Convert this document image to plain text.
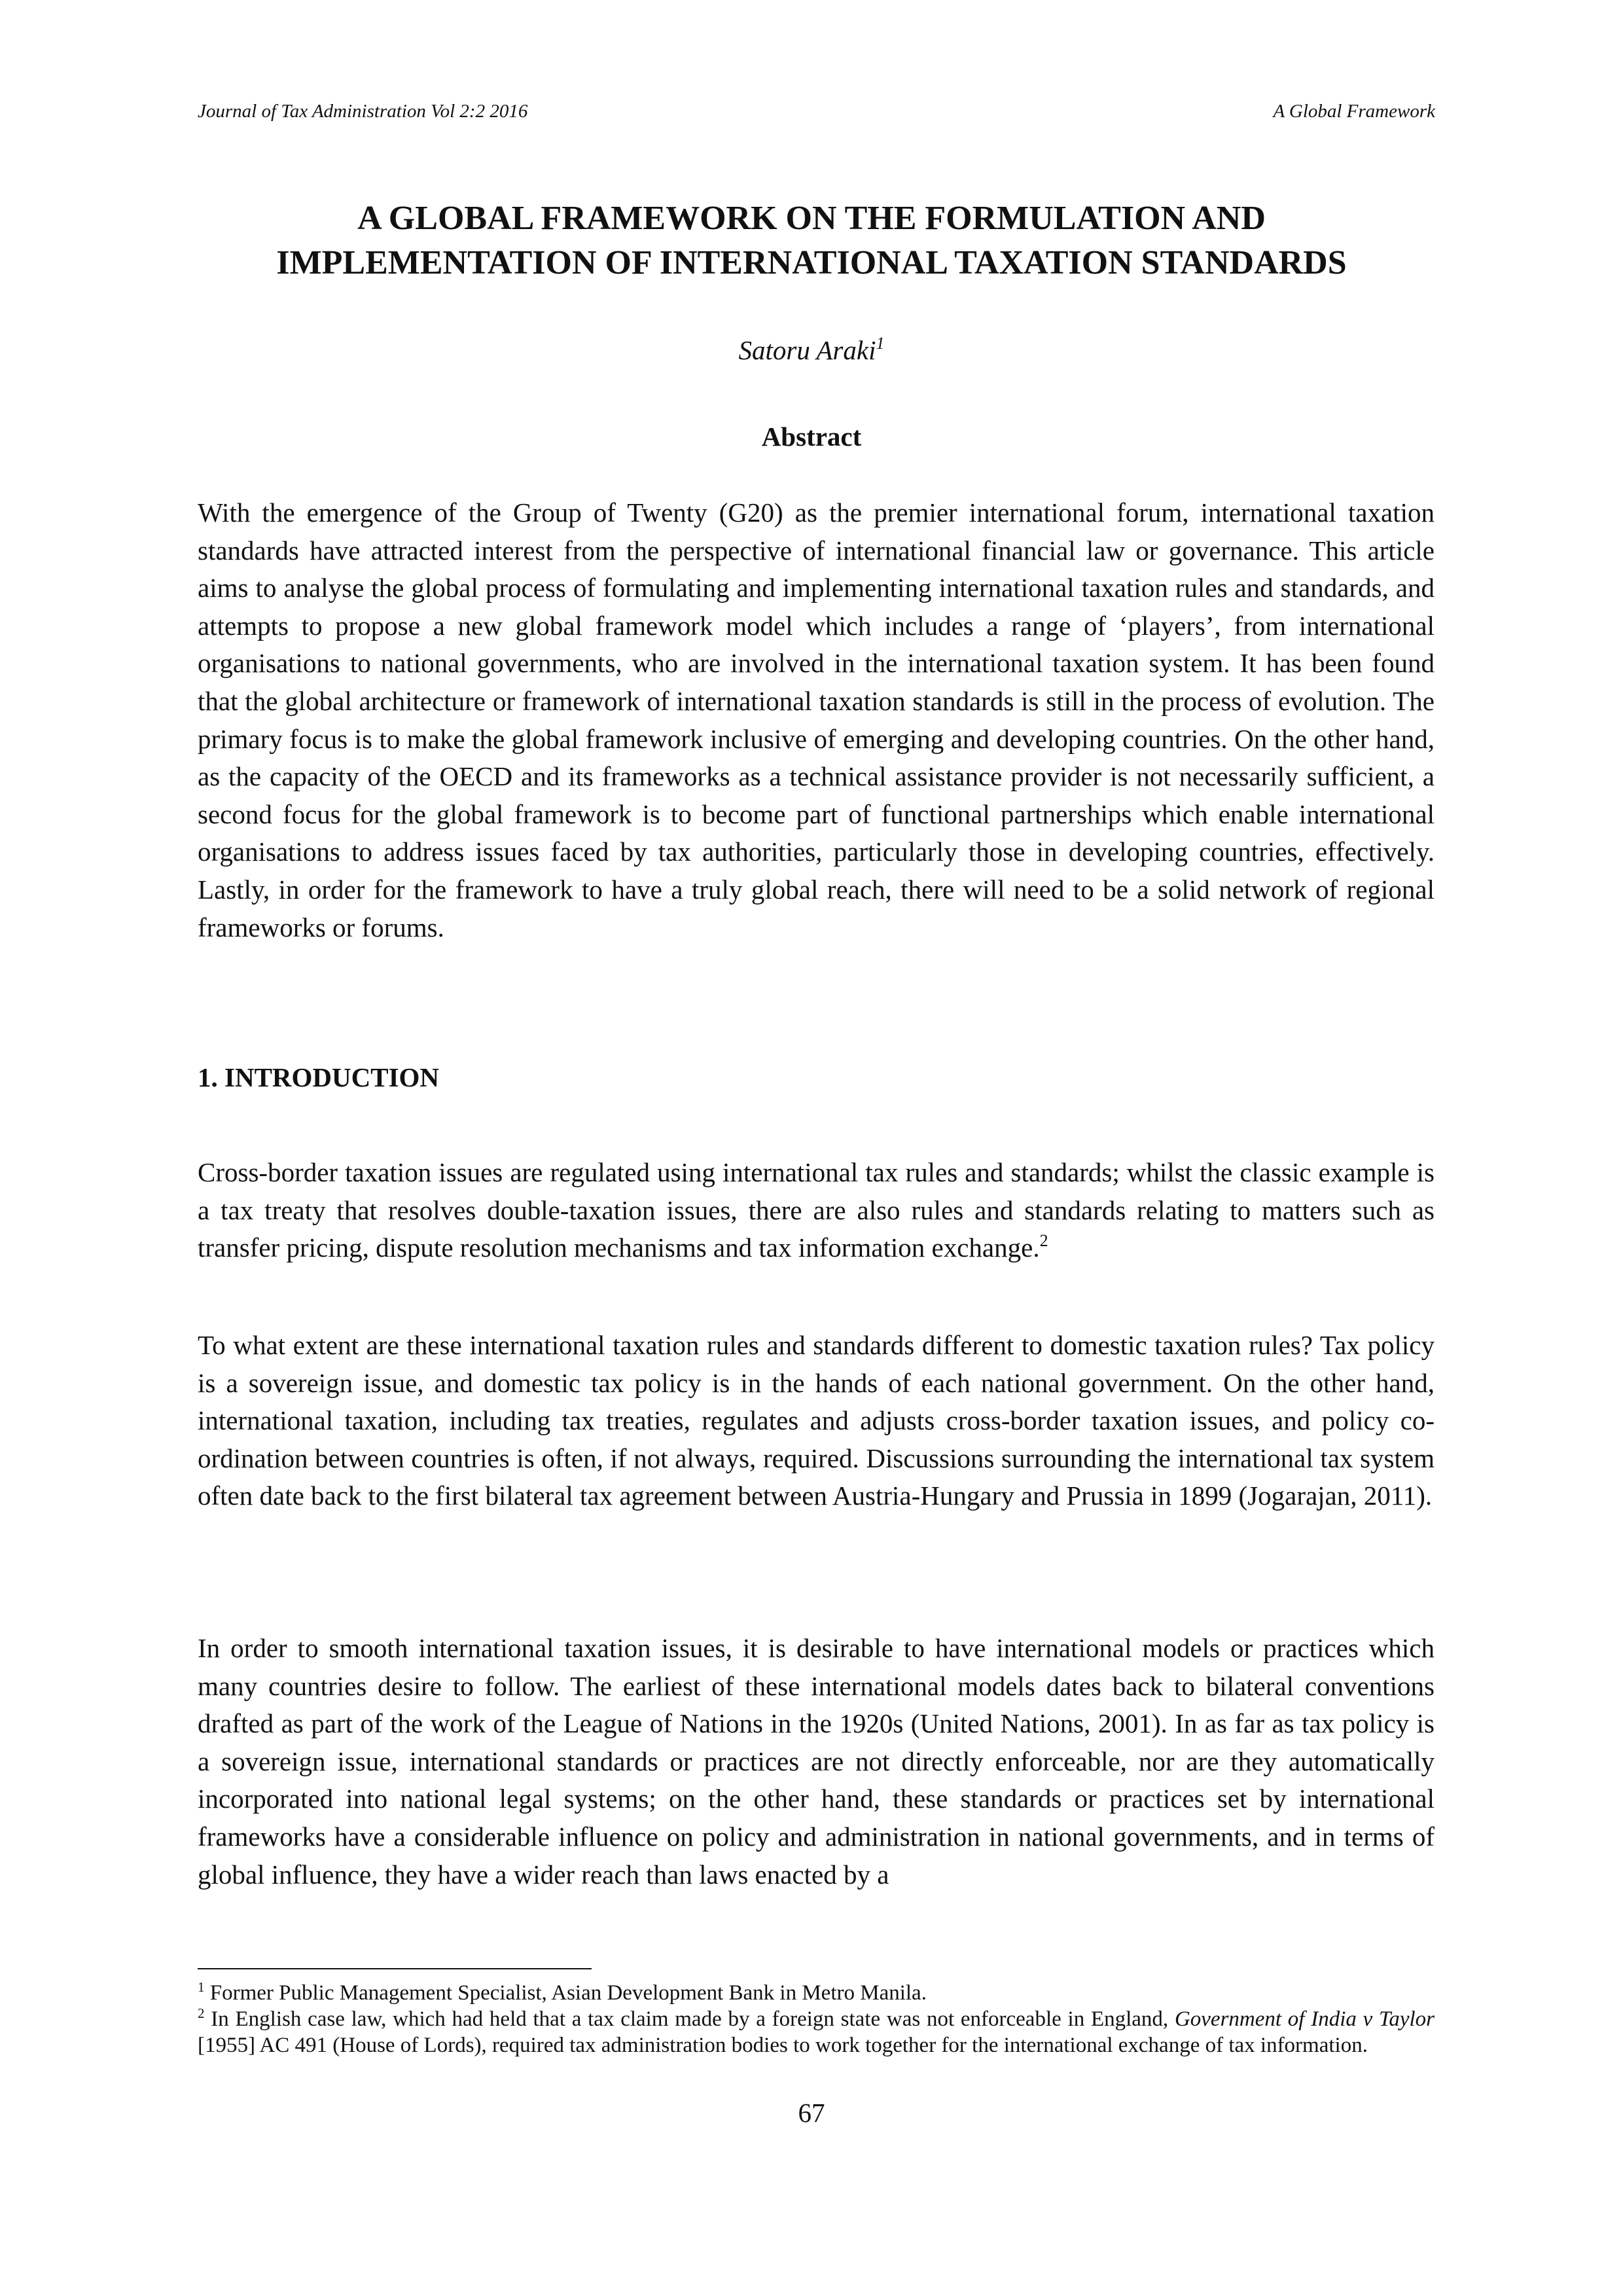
Journal of Tax Administration Vol 2:2 2016	A Global Framework
A GLOBAL FRAMEWORK ON THE FORMULATION AND
IMPLEMENTATION OF INTERNATIONAL TAXATION STANDARDS
Satoru Araki$^1$
Abstract

With the emergence of the Group of Twenty (G20) as the premier international forum, international taxation standards have attracted interest from the perspective of international financial law or governance. This article aims to analyse the global process of formulating and implementing international taxation rules and standards, and attempts to propose a new global framework model which includes a range of ‘players’, from international organisations to national governments, who are involved in the international taxation system. It has been found that the global architecture or framework of international taxation standards is still in the process of evolution. The primary focus is to make the global framework inclusive of emerging and developing countries. On the other hand, as the capacity of the OECD and its frameworks as a technical assistance provider is not necessarily sufficient, a second focus for the global framework is to become part of functional partnerships which enable international organisations to address issues faced by tax authorities, particularly those in developing countries, effectively. Lastly, in order for the framework to have a truly global reach, there will need to be a solid network of regional frameworks or forums.

1. INTRODUCTION

Cross-border taxation issues are regulated using international tax rules and standards; whilst the classic example is a tax treaty that resolves double-taxation issues, there are also rules and standards relating to matters such as transfer pricing, dispute resolution mechanisms and tax information exchange.$^2$

To what extent are these international taxation rules and standards different to domestic taxation rules? Tax policy is a sovereign issue, and domestic tax policy is in the hands of each national government. On the other hand, international taxation, including tax treaties, regulates and adjusts cross-border taxation issues, and policy co-ordination between countries is often, if not always, required. Discussions surrounding the international tax system often date back to the first bilateral tax agreement between Austria-Hungary and Prussia in 1899 (Jogarajan, 2011).

In order to smooth international taxation issues, it is desirable to have international models or practices which many countries desire to follow. The earliest of these international models dates back to bilateral conventions drafted as part of the work of the League of Nations in the 1920s (United Nations, 2001). In as far as tax policy is a sovereign issue, international standards or practices are not directly enforceable, nor are they automatically incorporated into national legal systems; on the other hand, these standards or practices set by international frameworks have a considerable influence on policy and administration in national governments, and in terms of global influence, they have a wider reach than laws enacted by a

$^1$ Former Public Management Specialist, Asian Development Bank in Metro Manila.

$^2$ In English case law, which had held that a tax claim made by a foreign state was not enforceable in England, Government of India v Taylor [1955] AC 491 (House of Lords), required tax administration bodies to work together for the international exchange of tax information.

67
